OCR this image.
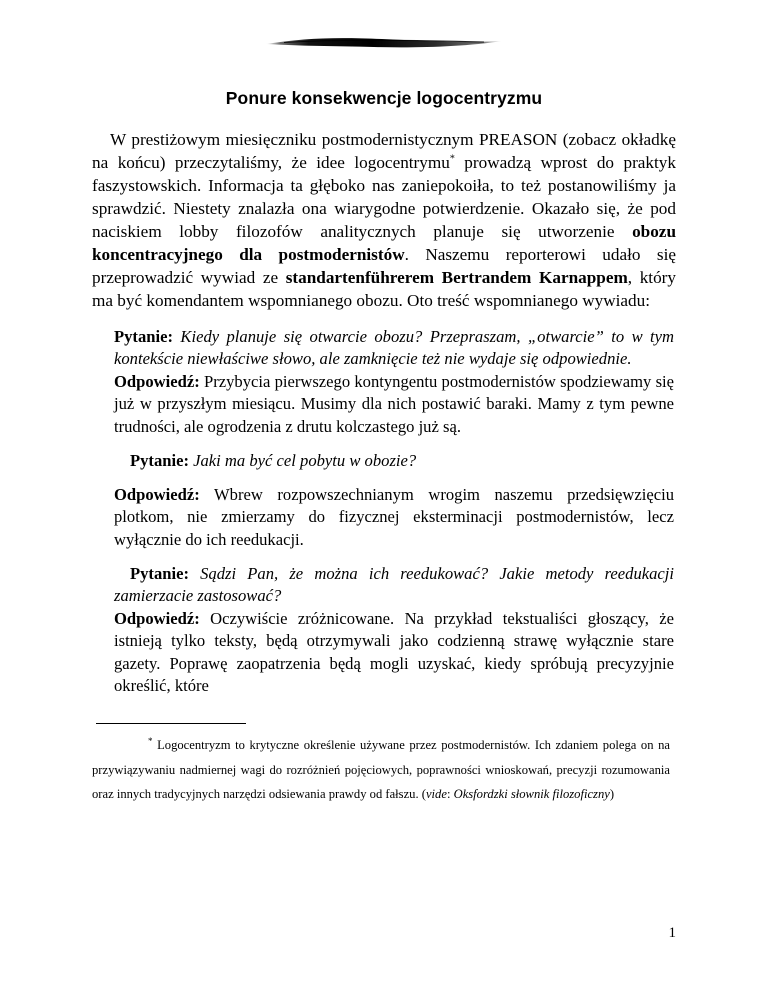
Ponure konsekwencje logocentryzmu

W prestiżowym miesięczniku postmodernistycznym PREASON (zobacz okładkę na końcu) przeczytaliśmy, że idee logocentrymu* prowadzą wprost do praktyk faszystowskich. Informacja ta głęboko nas zaniepokoiła, to też postanowiliśmy ja sprawdzić. Niestety znalazła ona wiarygodne potwierdzenie. Okazało się, że pod naciskiem lobby filozofów analitycznych planuje się utworzenie obozu koncentracyjnego dla postmodernistów. Naszemu reporterowi udało się przeprowadzić wywiad ze standartenführerem Bertrandem Karnappem, który ma być komendantem wspomnianego obozu. Oto treść wspomnianego wywiadu:

Pytanie: Kiedy planuje się otwarcie obozu? Przepraszam, „otwarcie” to w tym kontekście niewłaściwe słowo, ale zamknięcie też nie wydaje się odpowiednie.

Odpowiedź: Przybycia pierwszego kontyngentu postmodernistów spodziewamy się już w przyszłym miesiącu. Musimy dla nich postawić baraki. Mamy z tym pewne trudności, ale ogrodzenia z drutu kolczastego już są.

Pytanie: Jaki ma być cel pobytu w obozie?

Odpowiedź: Wbrew rozpowszechnianym wrogim naszemu przedsięwzięciu plotkom, nie zmierzamy do fizycznej eksterminacji postmodernistów, lecz wyłącznie do ich reedukacji.

Pytanie: Sądzi Pan, że można ich reedukować? Jakie metody reedukacji zamierzacie zastosować?

Odpowiedź: Oczywiście zróżnicowane. Na przykład tekstualiści głoszący, że istnieją tylko teksty, będą otrzymywali jako codzienną strawę wyłącznie stare gazety. Poprawę zaopatrzenia będą mogli uzyskać, kiedy spróbują precyzyjnie określić, które

* Logocentryzm to krytyczne określenie używane przez postmodernistów. Ich zdaniem polega on na przywiązywaniu nadmiernej wagi do rozróżnień pojęciowych, poprawności wnioskowań, precyzji rozumowania oraz innych tradycyjnych narzędzi odsiewania prawdy od fałszu. (vide: Oksfordzki słownik filozoficzny)

1
